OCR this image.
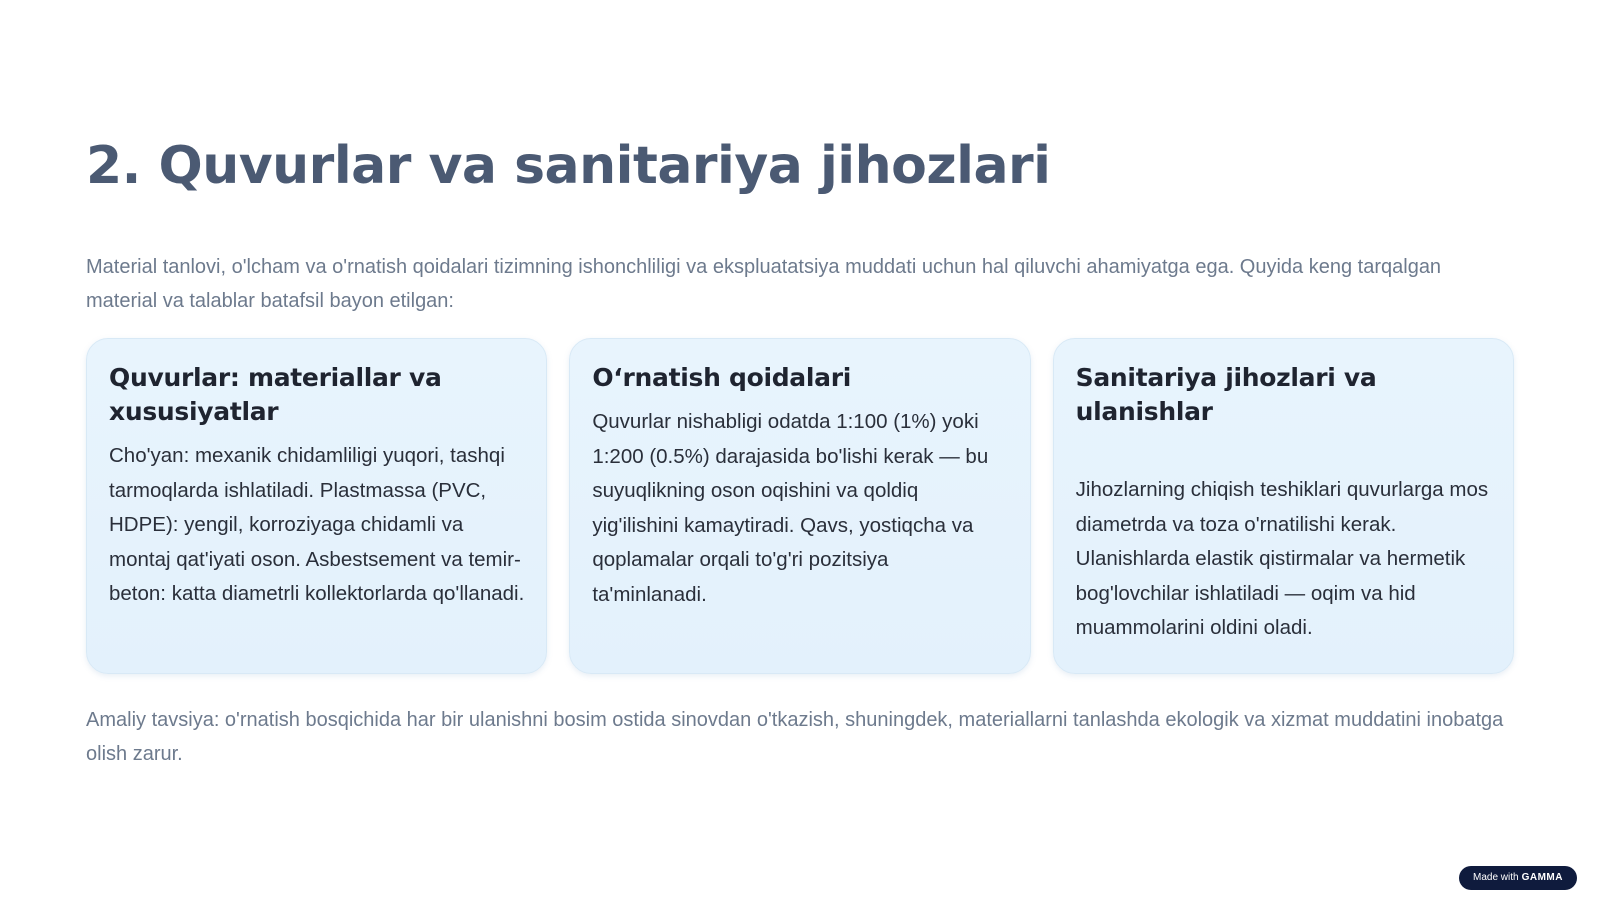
2. Quvurlar va sanitariya jihozlari

Material tanlovi, o'lcham va o'rnatish qoidalari tizimning ishonchliligi va ekspluatatsiya muddati uchun hal qiluvchi ahamiyatga ega. Quyida keng tarqalgan material va talablar batafsil bayon etilgan:

Quvurlar: materiallar va xususiyatlar

Cho'yan: mexanik chidamliligi yuqori, tashqi tarmoqlarda ishlatiladi. Plastmassa (PVC, HDPE): yengil, korroziyaga chidamli va montaj qat'iyati oson. Asbestsement va temir-beton: katta diametrli kollektorlarda qo'llanadi.

O‘rnatish qoidalari

Quvurlar nishabligi odatda 1:100 (1%) yoki 1:200 (0.5%) darajasida bo'lishi kerak — bu suyuqlikning oson oqishini va qoldiq yig'ilishini kamaytiradi. Qavs, yostiqcha va qoplamalar orqali to'g'ri pozitsiya ta'minlanadi.

Sanitariya jihozlari va ulanishlar

Jihozlarning chiqish teshiklari quvurlarga mos diametrda va toza o'rnatilishi kerak. Ulanishlarda elastik qistirmalar va hermetik bog'lovchilar ishlatiladi — oqim va hid muammolarini oldini oladi.

Amaliy tavsiya: o'rnatish bosqichida har bir ulanishni bosim ostida sinovdan o'tkazish, shuningdek, materiallarni tanlashda ekologik va xizmat muddatini inobatga olish zarur.

Made with GAMMA
